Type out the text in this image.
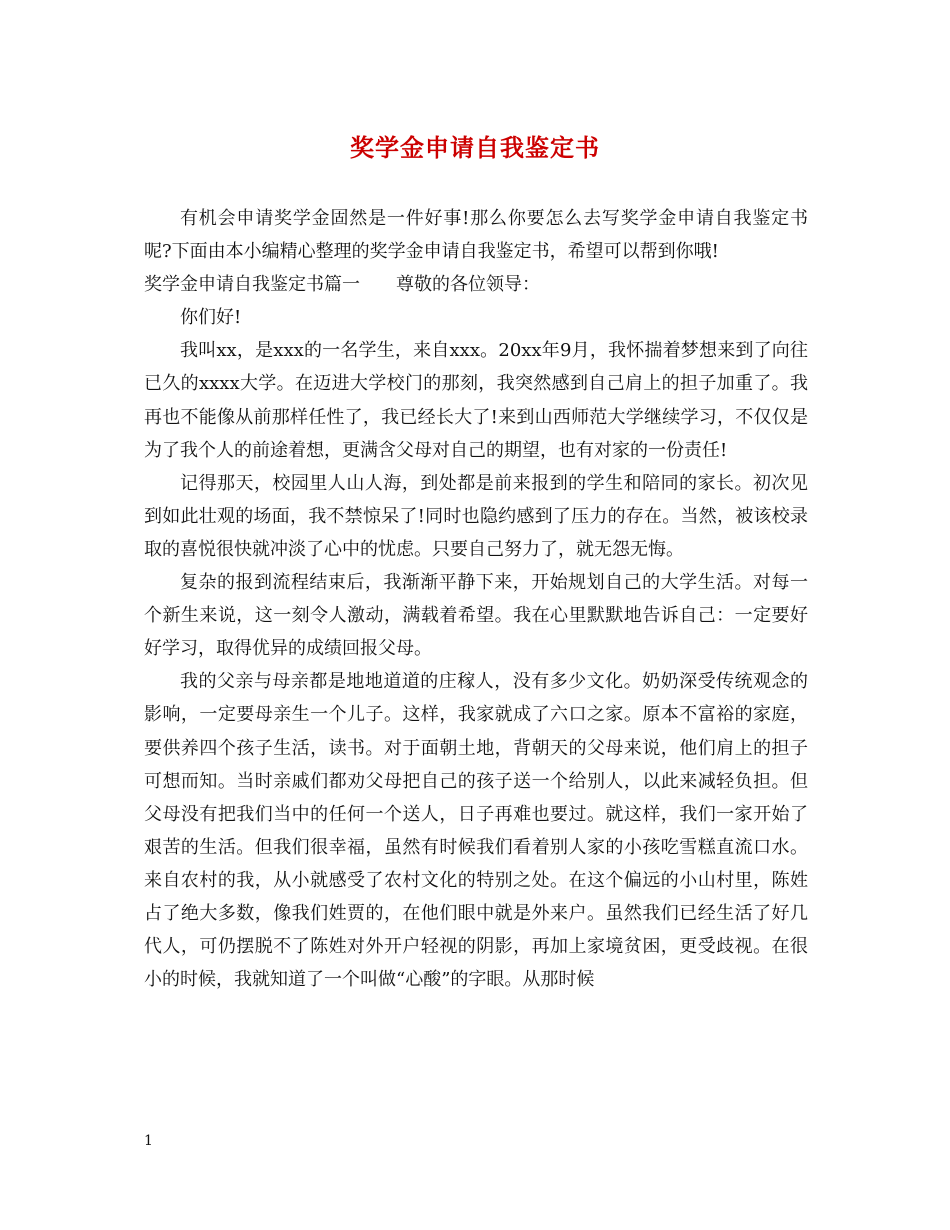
奖学金申请自我鉴定书

有机会申请奖学金固然是一件好事!那么你要怎么去写奖学金申请自我鉴定书呢?下面由本小编精心整理的奖学金申请自我鉴定书，希望可以帮到你哦!

奖学金申请自我鉴定书篇一　　尊敬的各位领导：

你们好!

我叫xx，是xxx的一名学生，来自xxx。20xx年9月，我怀揣着梦想来到了向往已久的xxxx大学。在迈进大学校门的那刻，我突然感到自己肩上的担子加重了。我再也不能像从前那样任性了，我已经长大了!来到山西师范大学继续学习，不仅仅是为了我个人的前途着想，更满含父母对自己的期望，也有对家的一份责任!

记得那天，校园里人山人海，到处都是前来报到的学生和陪同的家长。初次见到如此壮观的场面，我不禁惊呆了!同时也隐约感到了压力的存在。当然，被该校录取的喜悦很快就冲淡了心中的忧虑。只要自己努力了，就无怨无悔。

复杂的报到流程结束后，我渐渐平静下来，开始规划自己的大学生活。对每一个新生来说，这一刻令人激动，满载着希望。我在心里默默地告诉自己：一定要好好学习，取得优异的成绩回报父母。

我的父亲与母亲都是地地道道的庄稼人，没有多少文化。奶奶深受传统观念的影响，一定要母亲生一个儿子。这样，我家就成了六口之家。原本不富裕的家庭，要供养四个孩子生活，读书。对于面朝土地，背朝天的父母来说，他们肩上的担子可想而知。当时亲戚们都劝父母把自己的孩子送一个给别人，以此来减轻负担。但父母没有把我们当中的任何一个送人，日子再难也要过。就这样，我们一家开始了艰苦的生活。但我们很幸福，虽然有时候我们看着别人家的小孩吃雪糕直流口水。来自农村的我，从小就感受了农村文化的特别之处。在这个偏远的小山村里，陈姓占了绝大多数，像我们姓贾的，在他们眼中就是外来户。虽然我们已经生活了好几代人，可仍摆脱不了陈姓对外开户轻视的阴影，再加上家境贫困，更受歧视。在很小的时候，我就知道了一个叫做“心酸”的字眼。从那时候

1
